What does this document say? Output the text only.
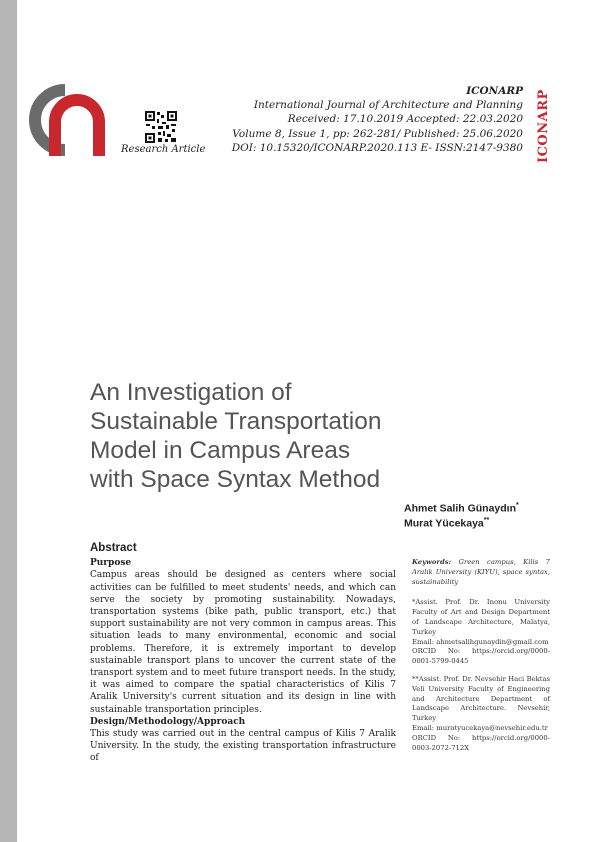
Research Article
ICONARP
International Journal of Architecture and Planning
Received: 17.10.2019 Accepted: 22.03.2020
Volume 8, Issue 1, pp: 262-281/ Published: 25.06.2020
DOI: 10.15320/ICONARP.2020.113 E- ISSN:2147-9380 ICONARP
An Investigation of Sustainable Transportation Model in Campus Areas with Space Syntax Method
Ahmet Salih Günaydın*
Murat Yücekaya**
Abstract

Purpose

Campus areas should be designed as centers where social activities can be fulfilled to meet students' needs, and which can serve the society by promoting sustainability. Nowadays, transportation systems (bike path, public transport, etc.) that support sustainability are not very common in campus areas. This situation leads to many environmental, economic and social problems. Therefore, it is extremely important to develop sustainable transport plans to uncover the current state of the transport system and to meet future transport needs. In the study, it was aimed to compare the spatial characteristics of Kilis 7 Aralik University's current situation and its design in line with sustainable transportation principles.

Design/Methodology/Approach

This study was carried out in the central campus of Kilis 7 Aralik University. In the study, the existing transportation infrastructure of

Keywords: Green campus, Kilis 7 Aralık University (KIYU), space syntax, sustainability
*Assist. Prof. Dr. Inonu University Faculty of Art and Design Department of Landscape Architecture, Malatya, Turkey
Email: ahmetsalihgunaydin@gmail.com
ORCID No: https://orcid.org/0000-0001-5799-0445
**Assist. Prof. Dr. Nevsehir Haci Bektas Veli University Faculty of Engineering and Architecture Department of Landscape Architecture. Nevsehir, Turkey
Email: muratyucekaya@nevsehir.edu.tr
ORCID No: https://orcid.org/0000-0003-2072-712X
